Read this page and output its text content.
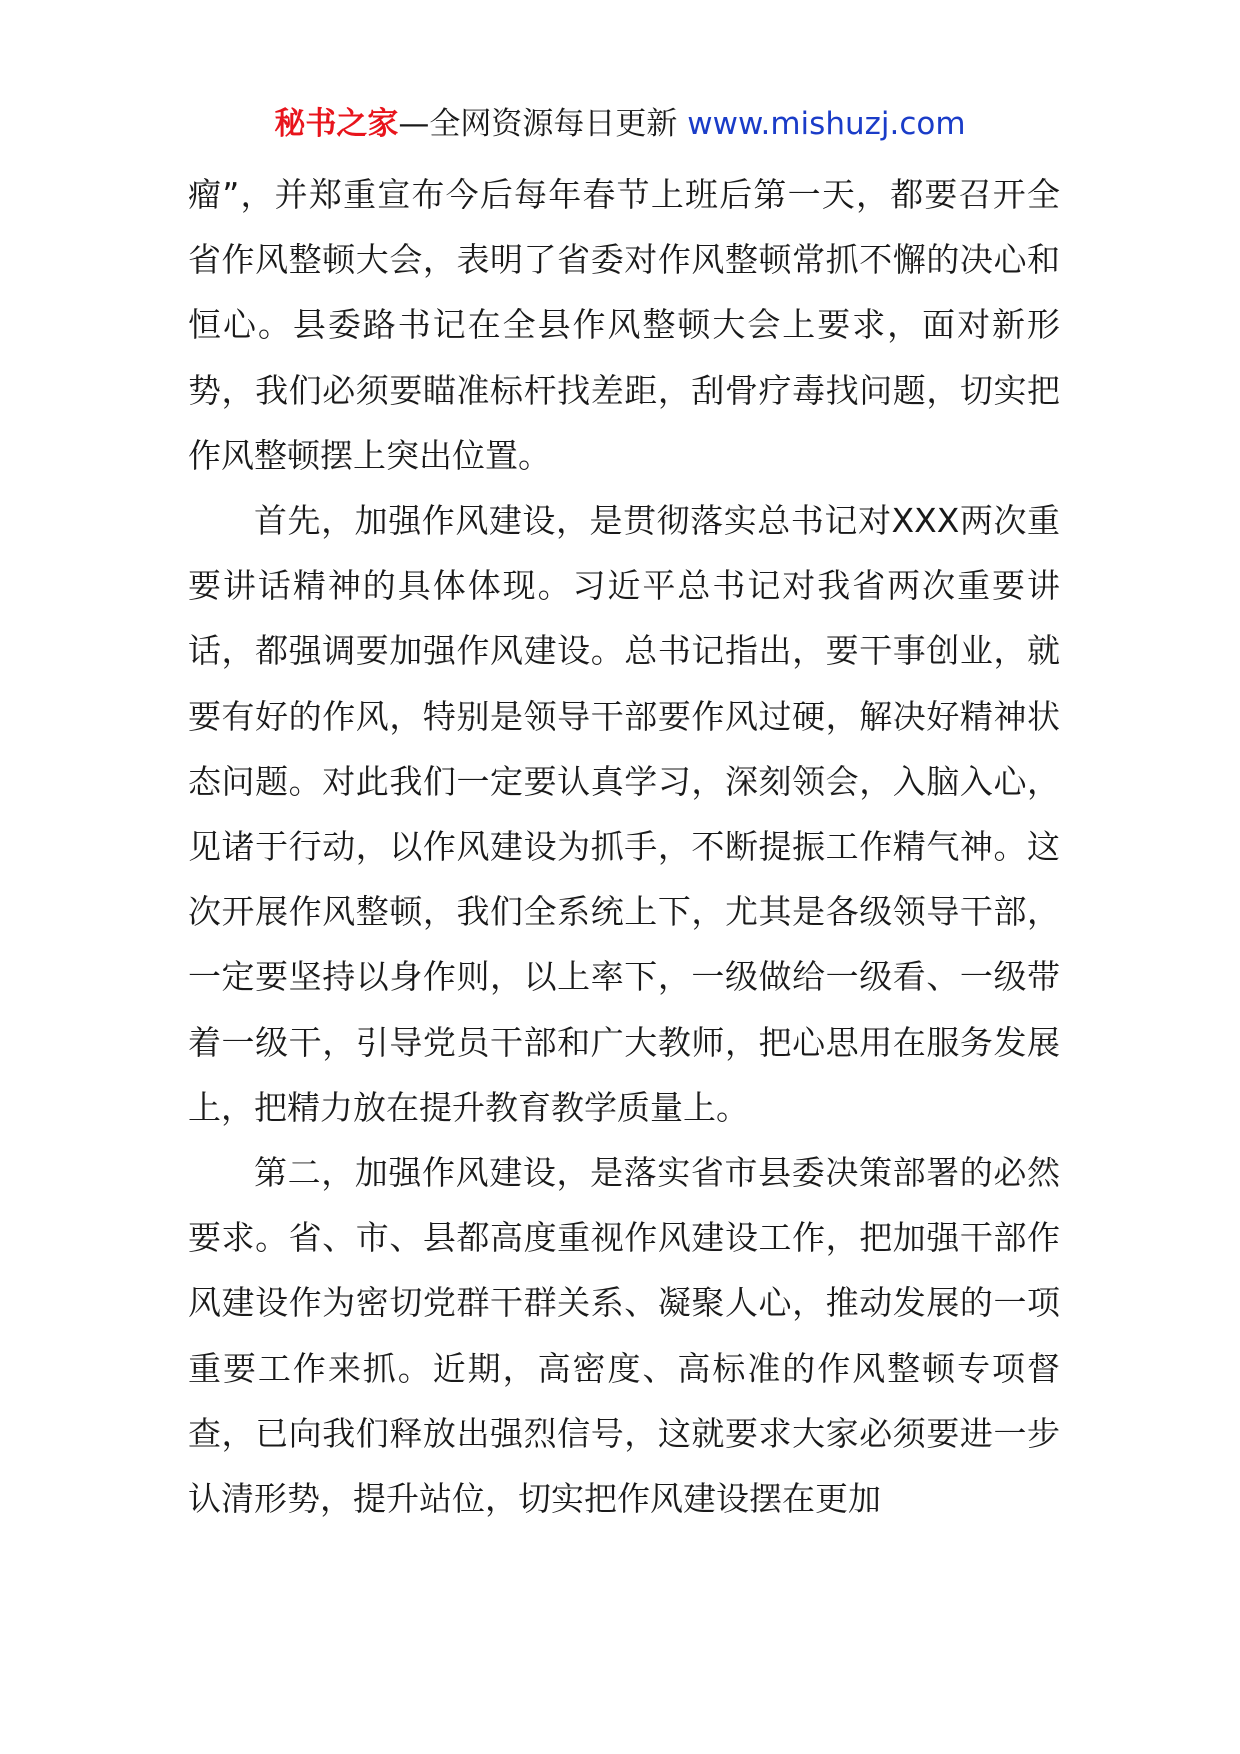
秘书之家—全网资源每日更新 www.mishuzj.com

瘤”，并郑重宣布今后每年春节上班后第一天，都要召开全省作风整顿大会，表明了省委对作风整顿常抓不懈的决心和恒心。县委路书记在全县作风整顿大会上要求，面对新形势，我们必须要瞄准标杆找差距，刮骨疗毒找问题，切实把作风整顿摆上突出位置。

首先，加强作风建设，是贯彻落实总书记对XXX两次重要讲话精神的具体体现。习近平总书记对我省两次重要讲话，都强调要加强作风建设。总书记指出，要干事创业，就要有好的作风，特别是领导干部要作风过硬，解决好精神状态问题。对此我们一定要认真学习，深刻领会，入脑入心，见诸于行动，以作风建设为抓手，不断提振工作精气神。这次开展作风整顿，我们全系统上下，尤其是各级领导干部，一定要坚持以身作则，以上率下，一级做给一级看、一级带着一级干，引导党员干部和广大教师，把心思用在服务发展上，把精力放在提升教育教学质量上。

第二，加强作风建设，是落实省市县委决策部署的必然要求。省、市、县都高度重视作风建设工作，把加强干部作风建设作为密切党群干群关系、凝聚人心，推动发展的一项重要工作来抓。近期，高密度、高标准的作风整顿专项督查，已向我们释放出强烈信号，这就要求大家必须要进一步认清形势，提升站位，切实把作风建设摆在更加
